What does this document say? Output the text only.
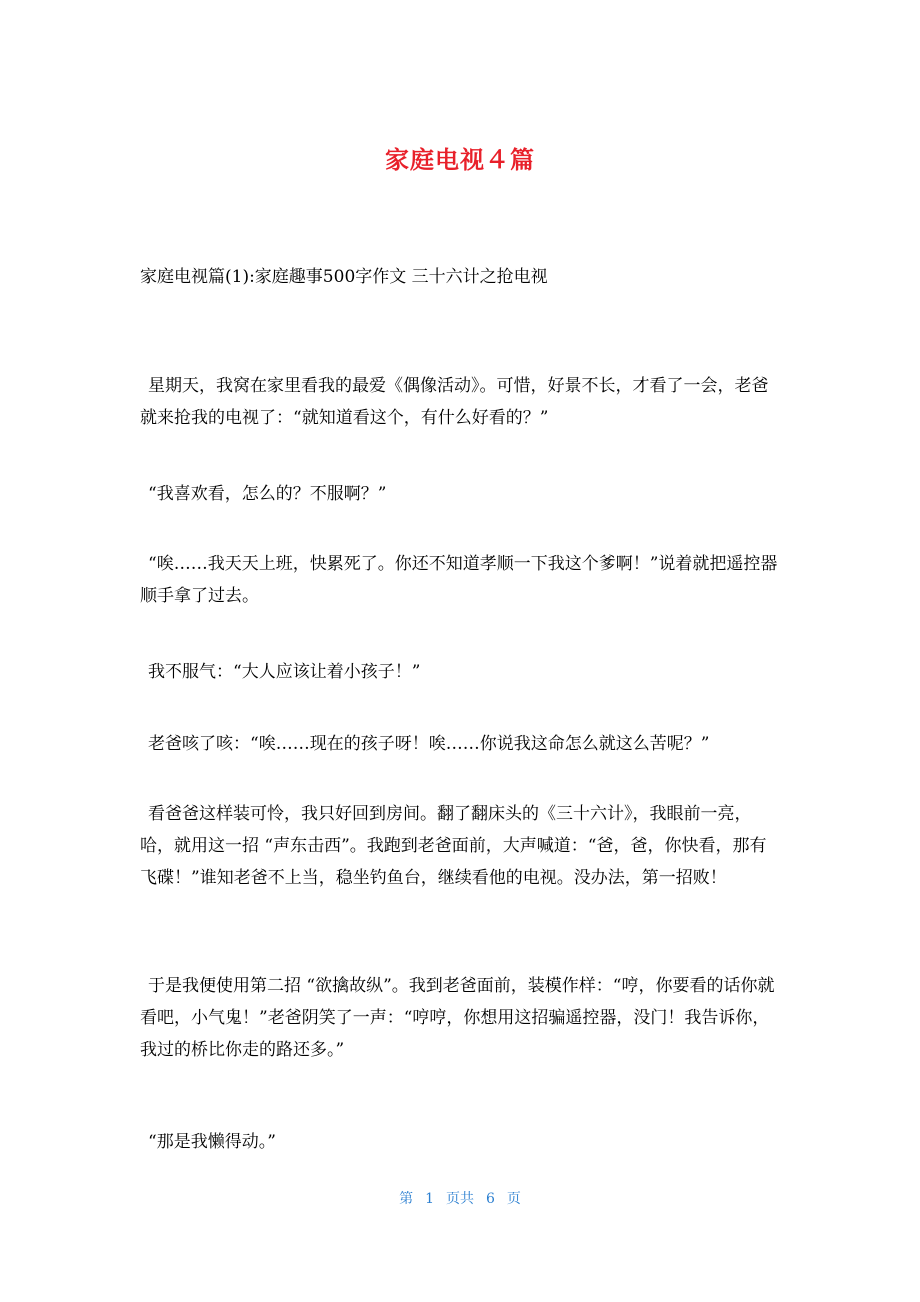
家庭电视４篇
家庭电视篇(1):家庭趣事500字作文 三十六计之抢电视

星期天，我窝在家里看我的最爱《偶像活动》。可惜，好景不长，才看了一会，老爸就来抢我的电视了：“就知道看这个，有什么好看的？”

“我喜欢看，怎么的？不服啊？”

“唉……我天天上班，快累死了。你还不知道孝顺一下我这个爹啊！”说着就把遥控器顺手拿了过去。

我不服气：“大人应该让着小孩子！”

老爸咳了咳：“唉……现在的孩子呀！唉……你说我这命怎么就这么苦呢？”

看爸爸这样装可怜，我只好回到房间。翻了翻床头的《三十六计》，我眼前一亮，哈，就用这一招 “声东击西”。我跑到老爸面前，大声喊道：“爸，爸，你快看，那有飞碟！”谁知老爸不上当，稳坐钓鱼台，继续看他的电视。没办法，第一招败！

于是我便使用第二招 “欲擒故纵”。我到老爸面前，装模作样：“哼，你要看的话你就看吧，小气鬼！”老爸阴笑了一声：“哼哼，你想用这招骗遥控器，没门！我告诉你，我过的桥比你走的路还多。”

“那是我懒得动。”

第 1 页共 6 页
